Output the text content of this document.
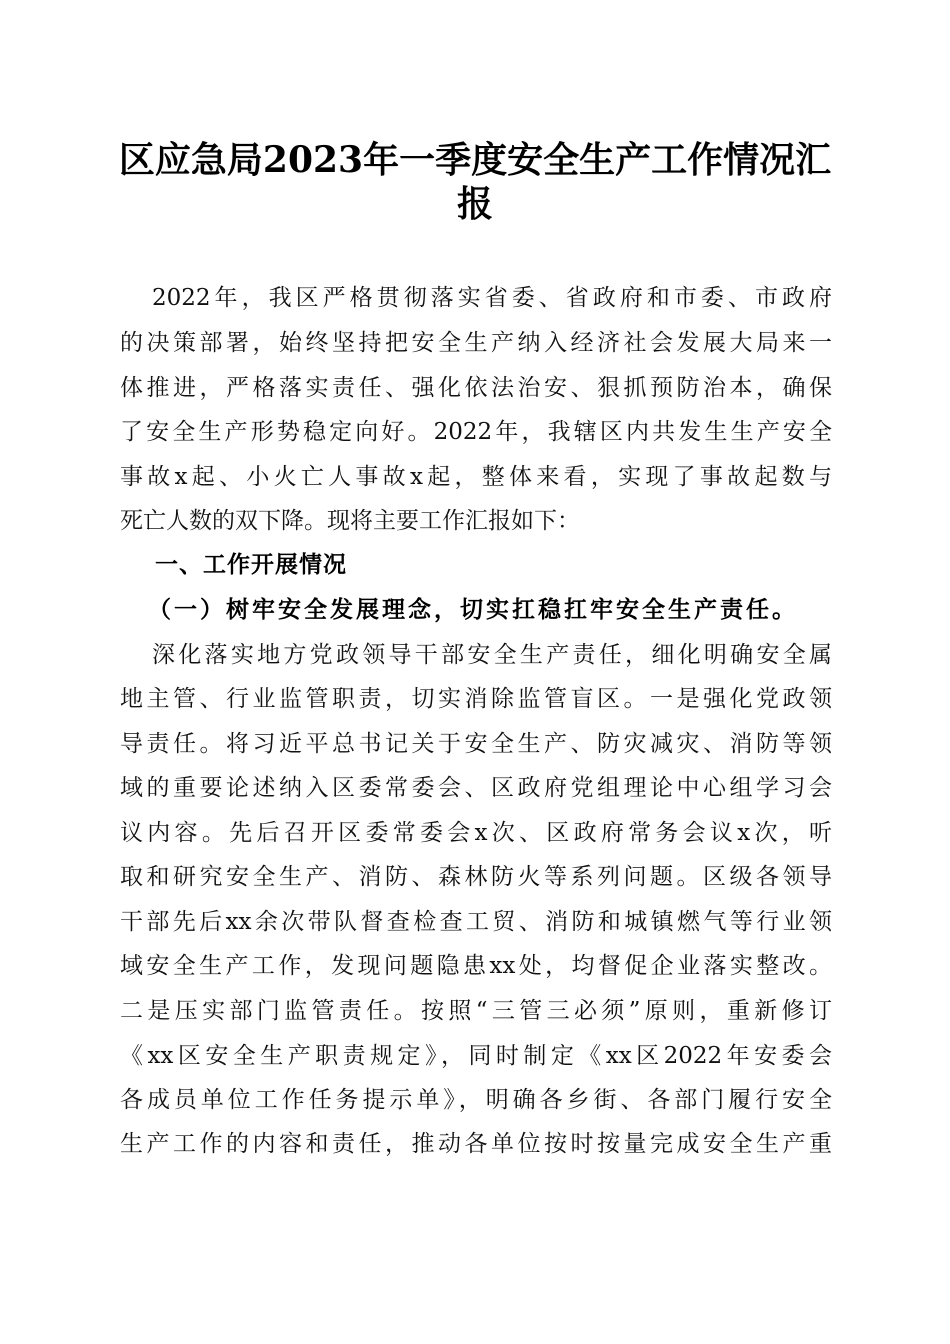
区应急局2023年一季度安全生产工作情况汇
报
2022年，我区严格贯彻落实省委、省政府和市委、市政府
的决策部署，始终坚持把安全生产纳入经济社会发展大局来一
体推进，严格落实责任、强化依法治安、狠抓预防治本，确保
了安全生产形势稳定向好。2022年，我辖区内共发生生产安全
事故x起、小火亡人事故x起，整体来看，实现了事故起数与
死亡人数的双下降。现将主要工作汇报如下：
一、工作开展情况
（一）树牢安全发展理念，切实扛稳扛牢安全生产责任。
深化落实地方党政领导干部安全生产责任，细化明确安全属
地主管、行业监管职责，切实消除监管盲区。一是强化党政领
导责任。将习近平总书记关于安全生产、防灾减灾、消防等领
域的重要论述纳入区委常委会、区政府党组理论中心组学习会
议内容。先后召开区委常委会x次、区政府常务会议x次，听
取和研究安全生产、消防、森林防火等系列问题。区级各领导
干部先后xx余次带队督查检查工贸、消防和城镇燃气等行业领
域安全生产工作，发现问题隐患xx处，均督促企业落实整改。
二是压实部门监管责任。按照“三管三必须”原则，重新修订
《xx区安全生产职责规定》，同时制定《xx区2022年安委会
各成员单位工作任务提示单》，明确各乡街、各部门履行安全
生产工作的内容和责任，推动各单位按时按量完成安全生产重
